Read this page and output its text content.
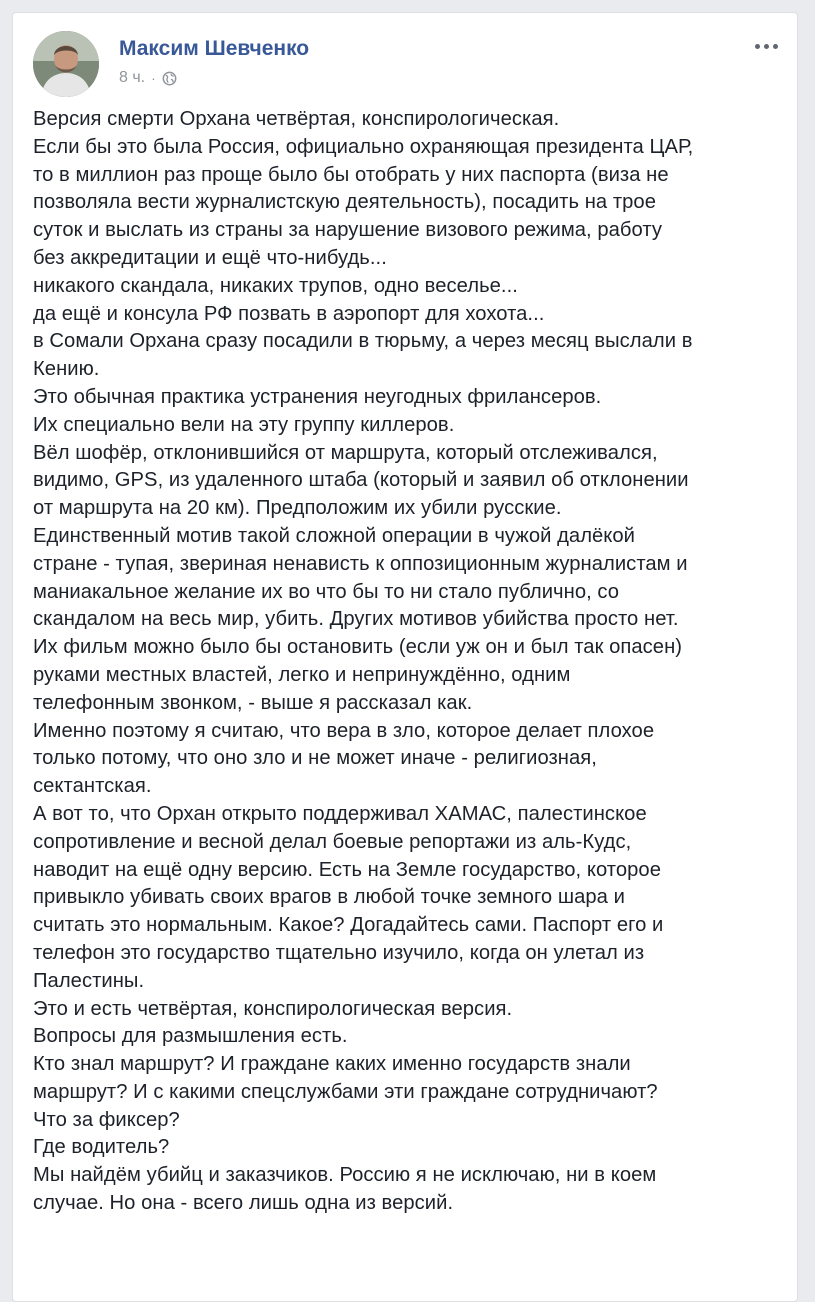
Максим Шевченко
8 ч. ·
Версия смерти Орхана четвёртая, конспирологическая.
Если бы это была Россия, официально охраняющая президента ЦАР,
то в миллион раз проще было бы отобрать у них паспорта (виза не
позволяла вести журналистскую деятельность), посадить на трое
суток и выслать из страны за нарушение визового режима, работу
без аккредитации и ещё что-нибудь...
никакого скандала, никаких трупов, одно веселье...
да ещё и консула РФ позвать в аэропорт для хохота...
в Сомали Орхана сразу посадили в тюрьму, а через месяц выслали в
Кению.
Это обычная практика устранения неугодных фрилансеров.
Их специально вели на эту группу киллеров.
Вёл шофёр, отклонившийся от маршрута, который отслеживался,
видимо, GPS, из удаленного штаба (который и заявил об отклонении
от маршрута на 20 км). Предположим их убили русские.
Единственный мотив такой сложной операции в чужой далёкой
стране - тупая, звериная ненависть к оппозиционным журналистам и
маниакальное желание их во что бы то ни стало публично, со
скандалом на весь мир, убить. Других мотивов убийства просто нет.
Их фильм можно было бы остановить (если уж он и был так опасен)
руками местных властей, легко и непринуждённо, одним
телефонным звонком, - выше я рассказал как.
Именно поэтому я считаю, что вера в зло, которое делает плохое
только потому, что оно зло и не может иначе - религиозная,
сектантская.
А вот то, что Орхан открыто поддерживал ХАМАС, палестинское
сопротивление и весной делал боевые репортажи из аль-Кудс,
наводит на ещё одну версию. Есть на Земле государство, которое
привыкло убивать своих врагов в любой точке земного шара и
считать это нормальным. Какое? Догадайтесь сами. Паспорт его и
телефон это государство тщательно изучило, когда он улетал из
Палестины.
Это и есть четвёртая, конспирологическая версия.
Вопросы для размышления есть.
Кто знал маршрут? И граждане каких именно государств знали
маршрут? И с какими спецслужбами эти граждане сотрудничают?
Что за фиксер?
Где водитель?
Мы найдём убийц и заказчиков. Россию я не исключаю, ни в коем
случае. Но она - всего лишь одна из версий.
